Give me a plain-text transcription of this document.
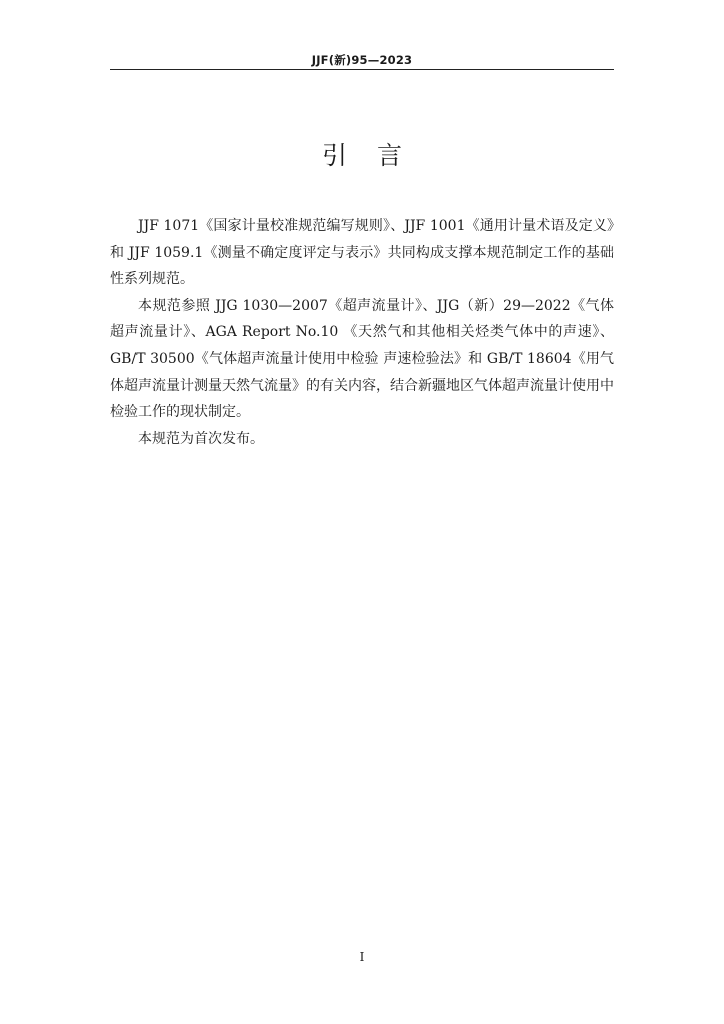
JJF(新)95—2023
引言

JJF 1071《国家计量校准规范编写规则》、JJF 1001《通用计量术语及定义》和 JJF 1059.1《测量不确定度评定与表示》共同构成支撑本规范制定工作的基础性系列规范。

本规范参照 JJG 1030—2007《超声流量计》、JJG（新）29—2022《气体超声流量计》、AGA Report No.10 《天然气和其他相关烃类气体中的声速》、GB/T 30500《气体超声流量计使用中检验 声速检验法》和 GB/T 18604《用气体超声流量计测量天然气流量》的有关内容，结合新疆地区气体超声流量计使用中检验工作的现状制定。

本规范为首次发布。

I
